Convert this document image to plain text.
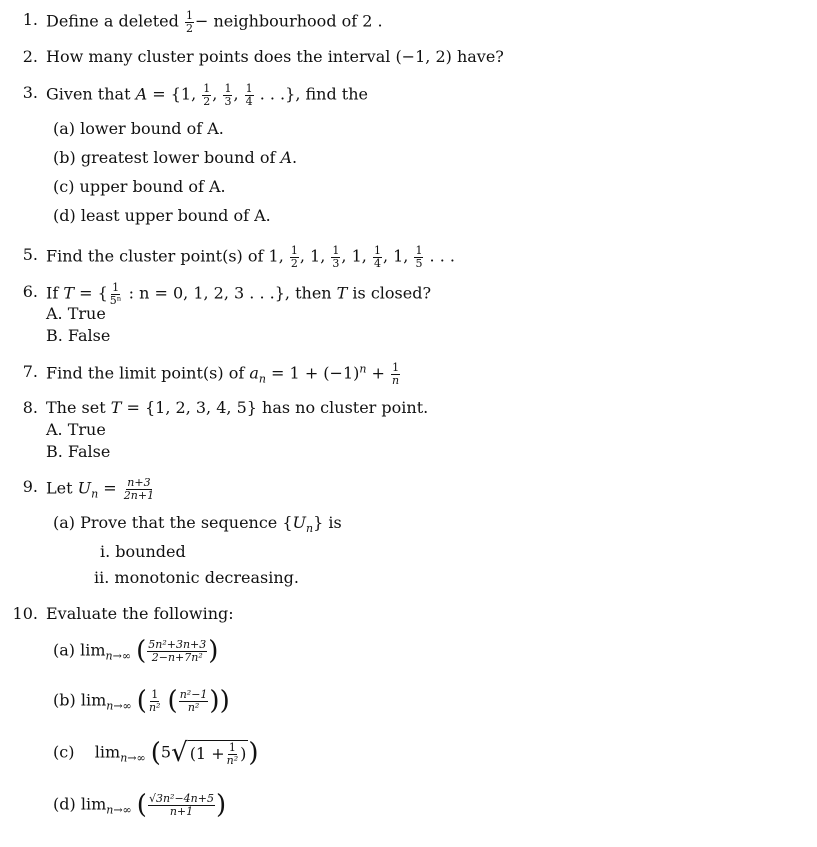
1. Define a deleted $\frac{1}{2}$ − neighbourhood of 2 .
2. How many cluster points does the interval (−1, 2) have?
3. Given that A = {1, $\frac{1}{2}$ , $\frac{1}{3}$ , $\frac{1}{4}$ . . .}, find the
(a) lower bound of A.
(b) greatest lower bound of A.
(c) upper bound of A.
(d) least upper bound of A.
5. Find the cluster point(s) of 1, $\frac{1}{2}$ , 1, $\frac{1}{3}$ , 1, $\frac{1}{4}$ , 1, $\frac{1}{5}$ . . .
6. If T = { $\frac{1}{\text{5ⁿ}}$ : n = 0, 1, 2, 3 . . .}, then T is closed?
A. True
B. False
7. Find the limit point(s) of $a_n = 1 + (-1)^n + \frac{1}{n}$
8. The set T = {1, 2, 3, 4, 5} has no cluster point.
A. True
B. False
9. Let $U_n = \frac{n+3}{2n+1}$
(a) Prove that the sequence $\{U_n\}$ is
i. bounded
ii. monotonic decreasing.
10. Evaluate the following:
(a) $\lim_{n\to\infty}$ ( $\frac{\text{5n²+3n+3}}{\text{2−n+7n²}}$ )
(b) $\lim_{n\to\infty}$ ( $\frac{1}{\text{n²}}$ ( $\frac{\text{n²−1}}{\text{n²}}$ ))
(c) $\lim_{n\to\infty} (5$ √ ($1 + \frac{1}{\text{n²}}$ ) )
(d) $\lim_{n\to\infty}$ ( $\frac{\text{√3n²−4n+5}}{n+1}$ )
